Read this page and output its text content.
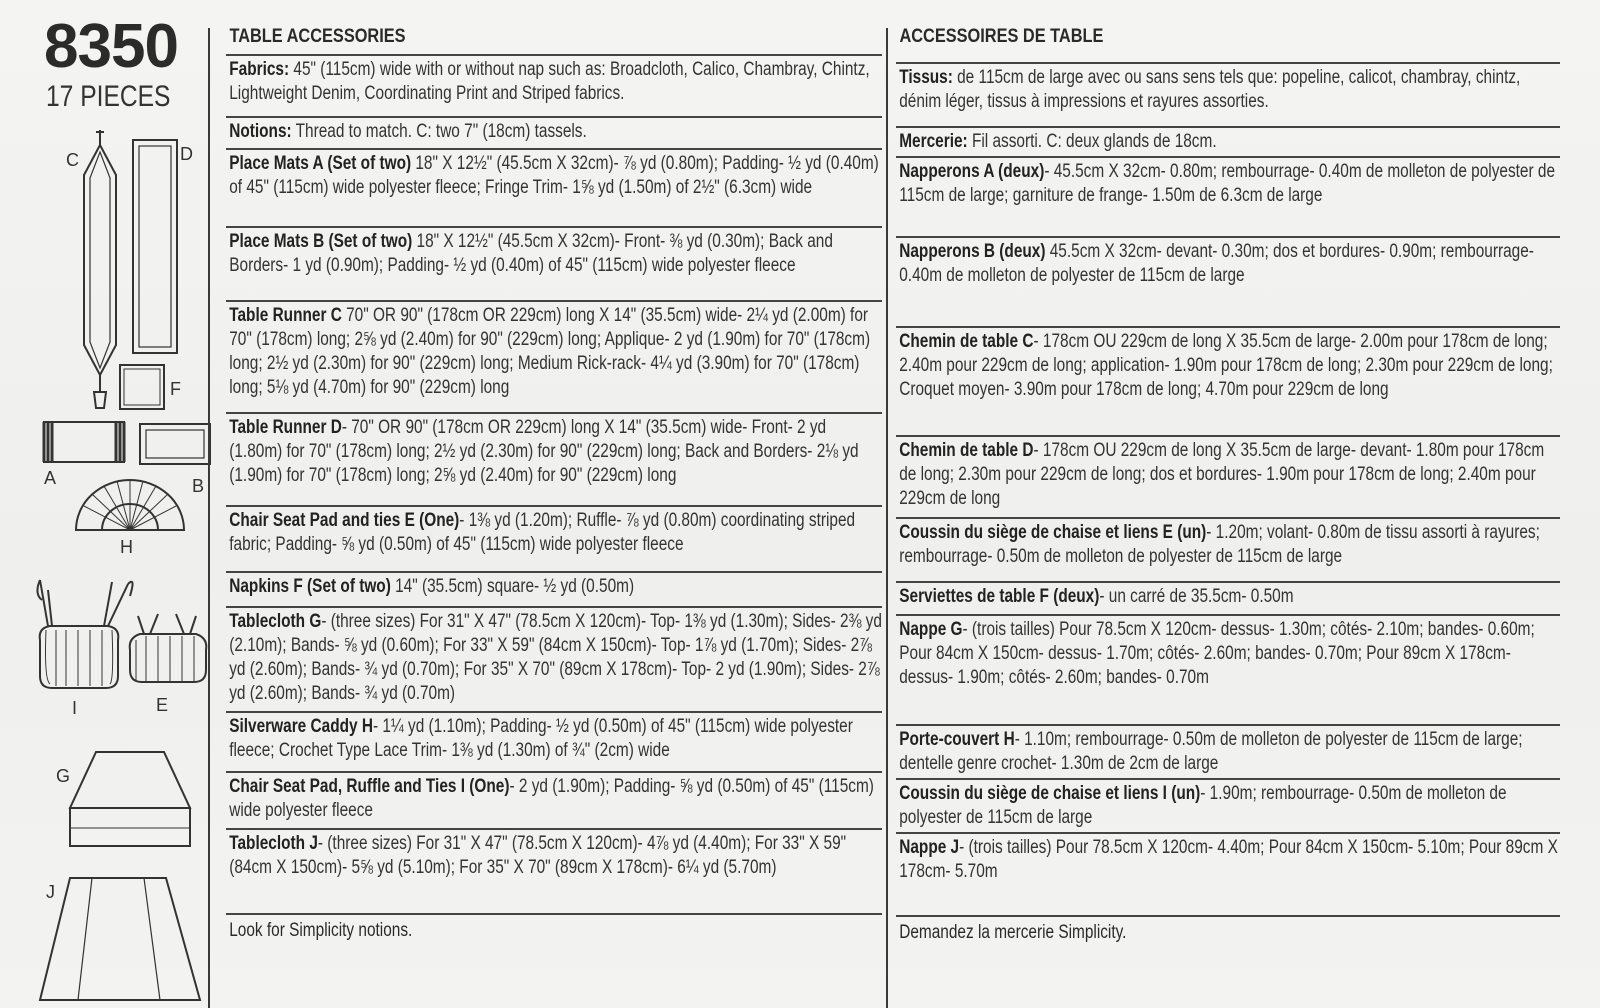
8350
17 PIECES
C	D
F
A	B
H
I	E
G
J
TABLE ACCESSORIES
Fabrics: 45" (115cm) wide with or without nap such as: Broadcloth, Calico, Chambray, Chintz, Lightweight Denim, Coordinating Print and Striped fabrics.
Notions: Thread to match. C: two 7" (18cm) tassels.
Place Mats A (Set of two) 18" X 12½" (45.5cm X 32cm)- ⅞ yd (0.80m); Padding- ½ yd (0.40m) of 45" (115cm) wide polyester fleece; Fringe Trim- 1⅝ yd (1.50m) of 2½" (6.3cm) wide
Place Mats B (Set of two) 18" X 12½" (45.5cm X 32cm)- Front- ⅜ yd (0.30m); Back and Borders- 1 yd (0.90m); Padding- ½ yd (0.40m) of 45" (115cm) wide polyester fleece
Table Runner C 70" OR 90" (178cm OR 229cm) long X 14" (35.5cm) wide- 2¼ yd (2.00m) for 70" (178cm) long; 2⅝ yd (2.40m) for 90" (229cm) long; Applique- 2 yd (1.90m) for 70" (178cm) long; 2½ yd (2.30m) for 90" (229cm) long; Medium Rick-rack- 4¼ yd (3.90m) for 70" (178cm) long; 5⅛ yd (4.70m) for 90" (229cm) long
Table Runner D- 70" OR 90" (178cm OR 229cm) long X 14" (35.5cm) wide- Front- 2 yd (1.80m) for 70" (178cm) long; 2½ yd (2.30m) for 90" (229cm) long; Back and Borders- 2⅛ yd (1.90m) for 70" (178cm) long; 2⅝ yd (2.40m) for 90" (229cm) long
Chair Seat Pad and ties E (One)- 1⅜ yd (1.20m); Ruffle- ⅞ yd (0.80m) coordinating striped fabric; Padding- ⅝ yd (0.50m) of 45" (115cm) wide polyester fleece
Napkins F (Set of two) 14" (35.5cm) square- ½ yd (0.50m)
Tablecloth G- (three sizes) For 31" X 47" (78.5cm X 120cm)- Top- 1⅜ yd (1.30m); Sides- 2⅜ yd (2.10m); Bands- ⅝ yd (0.60m); For 33" X 59" (84cm X 150cm)- Top- 1⅞ yd (1.70m); Sides- 2⅞ yd (2.60m); Bands- ¾ yd (0.70m); For 35" X 70" (89cm X 178cm)- Top- 2 yd (1.90m); Sides- 2⅞ yd (2.60m); Bands- ¾ yd (0.70m)
Silverware Caddy H- 1¼ yd (1.10m); Padding- ½ yd (0.50m) of 45" (115cm) wide polyester fleece; Crochet Type Lace Trim- 1⅜ yd (1.30m) of ¾" (2cm) wide
Chair Seat Pad, Ruffle and Ties I (One)- 2 yd (1.90m); Padding- ⅝ yd (0.50m) of 45" (115cm) wide polyester fleece
Tablecloth J- (three sizes) For 31" X 47" (78.5cm X 120cm)- 4⅞ yd (4.40m); For 33" X 59" (84cm X 150cm)- 5⅝ yd (5.10m); For 35" X 70" (89cm X 178cm)- 6¼ yd (5.70m)
Look for Simplicity notions.
ACCESSOIRES DE TABLE
Tissus: de 115cm de large avec ou sans sens tels que: popeline, calicot, chambray, chintz, dénim léger, tissus à impressions et rayures assorties.
Mercerie: Fil assorti. C: deux glands de 18cm.
Napperons A (deux)- 45.5cm X 32cm- 0.80m; rembourrage- 0.40m de molleton de polyester de 115cm de large; garniture de frange- 1.50m de 6.3cm de large
Napperons B (deux) 45.5cm X 32cm- devant- 0.30m; dos et bordures- 0.90m; rembourrage- 0.40m de molleton de polyester de 115cm de large
Chemin de table C- 178cm OU 229cm de long X 35.5cm de large- 2.00m pour 178cm de long; 2.40m pour 229cm de long; application- 1.90m pour 178cm de long; 2.30m pour 229cm de long; Croquet moyen- 3.90m pour 178cm de long; 4.70m pour 229cm de long
Chemin de table D- 178cm OU 229cm de long X 35.5cm de large- devant- 1.80m pour 178cm de long; 2.30m pour 229cm de long; dos et bordures- 1.90m pour 178cm de long; 2.40m pour 229cm de long
Coussin du siège de chaise et liens E (un)- 1.20m; volant- 0.80m de tissu assorti à rayures; rembourrage- 0.50m de molleton de polyester de 115cm de large
Serviettes de table F (deux)- un carré de 35.5cm- 0.50m
Nappe G- (trois tailles) Pour 78.5cm X 120cm- dessus- 1.30m; côtés- 2.10m; bandes- 0.60m; Pour 84cm X 150cm- dessus- 1.70m; côtés- 2.60m; bandes- 0.70m; Pour 89cm X 178cm- dessus- 1.90m; côtés- 2.60m; bandes- 0.70m
Porte-couvert H- 1.10m; rembourrage- 0.50m de molleton de polyester de 115cm de large; dentelle genre crochet- 1.30m de 2cm de large
Coussin du siège de chaise et liens I (un)- 1.90m; rembourrage- 0.50m de molleton de polyester de 115cm de large
Nappe J- (trois tailles) Pour 78.5cm X 120cm- 4.40m; Pour 84cm X 150cm- 5.10m; Pour 89cm X 178cm- 5.70m
Demandez la mercerie Simplicity.
